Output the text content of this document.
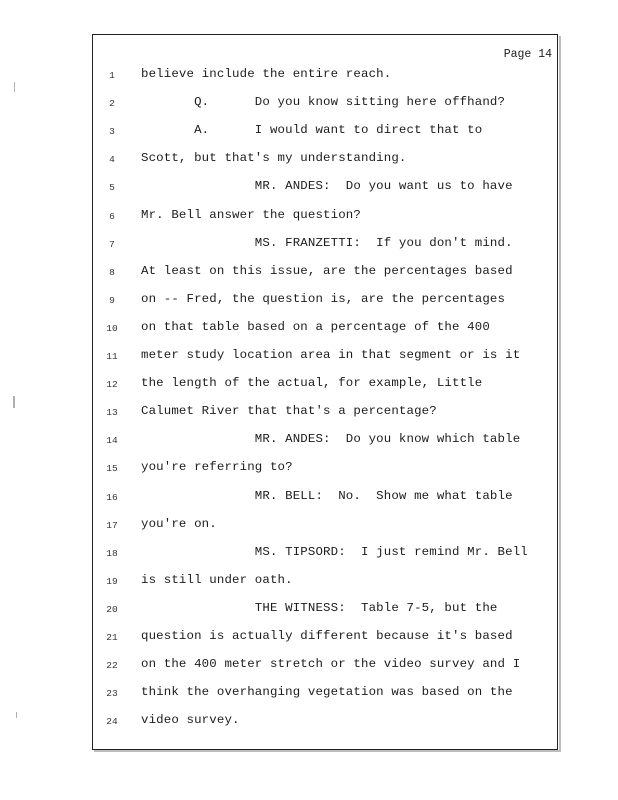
Page 14
1	believe include the entire reach.
2	Q.      Do you know sitting here offhand?
3	A.      I would want to direct that to
4	Scott, but that's my understanding.
5	MR. ANDES:  Do you want us to have
6	Mr. Bell answer the question?
7	MS. FRANZETTI:  If you don't mind.
8	At least on this issue, are the percentages based
9	on -- Fred, the question is, are the percentages
10	on that table based on a percentage of the 400
11	meter study location area in that segment or is it
12	the length of the actual, for example, Little
13	Calumet River that that's a percentage?
14	MR. ANDES:  Do you know which table
15	you're referring to?
16	MR. BELL:  No.  Show me what table
17	you're on.
18	MS. TIPSORD:  I just remind Mr. Bell
19	is still under oath.
20	THE WITNESS:  Table 7-5, but the
21	question is actually different because it's based
22	on the 400 meter stretch or the video survey and I
23	think the overhanging vegetation was based on the
24	video survey.
